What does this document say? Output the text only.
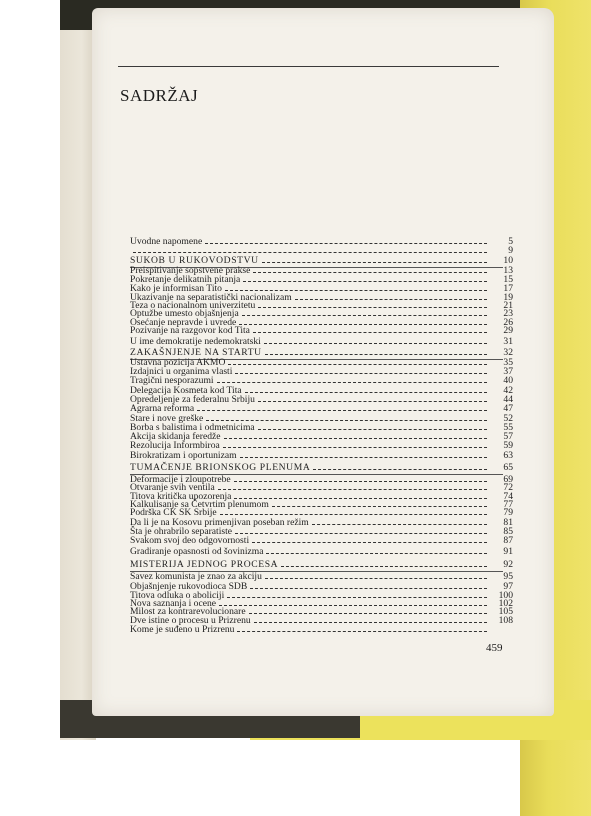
SADRŽAJ
Uvodne napomene	5
9
SUKOB U RUKOVODSTVU	10
Preispitivanje sopstvene prakse	13
Pokretanje delikatnih pitanja	15
Kako je informisan Tito	17
Ukazivanje na separatistički nacionalizam	19
Teza o nacionalnom univerzitetu	21
Optužbe umesto objašnjenja	23
Osećanje nepravde i uvrede	26
Pozivanje na razgovor kod Tita	29
U ime demokratije nedemokratski	31
ZAKAŠNJENJE NA STARTU	32
Ustavna pozicija AKMO	35
Izdajnici u organima vlasti	37
Tragični nesporazumi	40
Delegacija Kosmeta kod Tita	42
Opredeljenje za federalnu Srbiju	44
Agrarna reforma	47
Stare i nove greške	52
Borba s balistima i odmetnicima	55
Akcija skidanja feredže	57
Rezolucija Informbiroa	59
Birokratizam i oportunizam	63
TUMAČENJE BRIONSKOG PLENUMA	65
Deformacije i zloupotrebe	69
Otvaranje svih ventila	72
Titova kritička upozorenja	74
Kalkulisanje sa Četvrtim plenumom	77
Podrška CK SK Srbije	79
Da li je na Kosovu primenjivan poseban režim	81
Šta je ohrabrilo separatiste	85
Svakom svoj deo odgovornosti	87
Gradiranje opasnosti od šovinizma	91
MISTERIJA JEDNOG PROCESA	92
Savez komunista je znao za akciju	95
Objašnjenje rukovodioca SDB	97
Titova odluka o aboliciji	100
Nova saznanja i ocene	102
Milost za kontrarevolucionare	105
Dve istine o procesu u Prizrenu	108
Kome je suđeno u Prizrenu
459
